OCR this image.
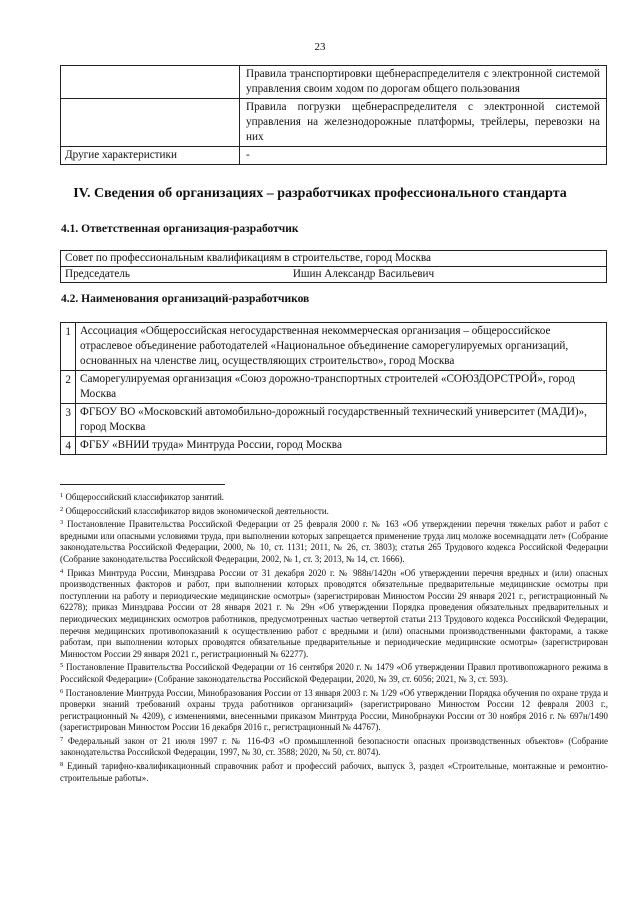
23
	Правила транспортировки щебнераспределителя с электронной системой управления своим ходом по дорогам общего пользования
	Правила погрузки щебнераспределителя с электронной системой управления на железнодорожные платформы, трейлеры, перевозки на них
Другие характеристики	-
IV. Сведения об организациях – разработчиках профессионального стандарта
4.1. Ответственная организация-разработчик
Совет по профессиональным квалификациям в строительстве, город Москва
Председатель	Ишин Александр Васильевич
4.2. Наименования организаций-разработчиков
1	Ассоциация «Общероссийская негосударственная некоммерческая организация – общероссийское отраслевое объединение работодателей «Национальное объединение саморегулируемых организаций, основанных на членстве лиц, осуществляющих строительство», город Москва
2	Саморегулируемая организация «Союз дорожно-транспортных строителей «СОЮЗДОРСТРОЙ», город Москва
3	ФГБОУ ВО «Московский автомобильно-дорожный государственный технический университет (МАДИ)», город Москва
4	ФГБУ «ВНИИ труда» Минтруда России, город Москва

$^1$ Общероссийский классификатор занятий.

$^2$ Общероссийский классификатор видов экономической деятельности.

$^3$ Постановление Правительства Российской Федерации от 25 февраля 2000 г. № 163 «Об утверждении перечня тяжелых работ и работ с вредными или опасными условиями труда, при выполнении которых запрещается применение труда лиц моложе восемнадцати лет» (Собрание законодательства Российской Федерации, 2000, № 10, ст. 1131; 2011, № 26, ст. 3803); статья 265 Трудового кодекса Российской Федерации (Собрание законодательства Российской Федерации, 2002, № 1, ст. 3; 2013, № 14, ст. 1666).

$^4$ Приказ Минтруда России, Минздрава России от 31 декабря 2020 г. № 988н/1420н «Об утверждении перечня вредных и (или) опасных производственных факторов и работ, при выполнении которых проводятся обязательные предварительные медицинские осмотры при поступлении на работу и периодические медицинские осмотры» (зарегистрирован Минюстом России 29 января 2021 г., регистрационный № 62278); приказ Минздрава России от 28 января 2021 г. № 29н «Об утверждении Порядка проведения обязательных предварительных и периодических медицинских осмотров работников, предусмотренных частью четвертой статьи 213 Трудового кодекса Российской Федерации, перечня медицинских противопоказаний к осуществлению работ с вредными и (или) опасными производственными факторами, а также работам, при выполнении которых проводятся обязательные предварительные и периодические медицинские осмотры» (зарегистрирован Минюстом России 29 января 2021 г., регистрационный № 62277).

$^5$ Постановление Правительства Российской Федерации от 16 сентября 2020 г. № 1479 «Об утверждении Правил противопожарного режима в Российской Федерации» (Собрание законодательства Российской Федерации, 2020, № 39, ст. 6056; 2021, № 3, ст. 593).

$^6$ Постановление Минтруда России, Минобразования России от 13 января 2003 г. № 1/29 «Об утверждении Порядка обучения по охране труда и проверки знаний требований охраны труда работников организаций» (зарегистрировано Минюстом России 12 февраля 2003 г., регистрационный № 4209), с изменениями, внесенными приказом Минтруда России, Минобрнауки России от 30 ноября 2016 г. № 697н/1490 (зарегистрирован Минюстом России 16 декабря 2016 г., регистрационный № 44767).

$^7$ Федеральный закон от 21 июля 1997 г. № 116-ФЗ «О промышленной безопасности опасных производственных объектов» (Собрание законодательства Российской Федерации, 1997, № 30, ст. 3588; 2020, № 50, ст. 8074).

$^8$ Единый тарифно-квалификационный справочник работ и профессий рабочих, выпуск 3, раздел «Строительные, монтажные и ремонтно-строительные работы».
